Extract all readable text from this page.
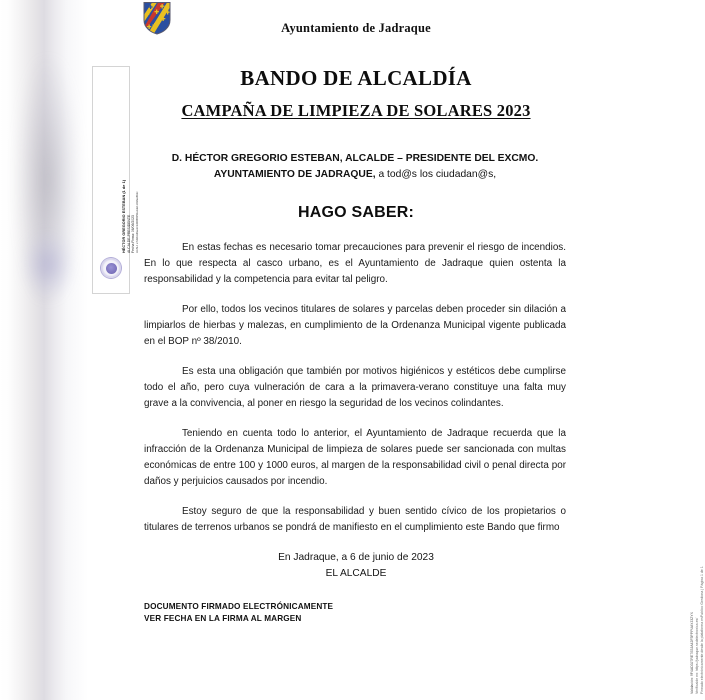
HÉCTOR GREGORIO ESTEBAN (1 de 1) ALCALDE-PRESIDENTE Fecha Firma: 06/06/2023 HASH: e7d3b1d0ae2c3d086f4f5ba1de1103fae6b3c
Validación: 9F4AD3J7RE7S5JA42F5PPPUAYJ3ZYX Verificable en: https://jadraque.sedelectronica.es/ Firmado electrónicamente desde la plataforma esPublico Gestiona | Página 1 de 1
Ayuntamiento de Jadraque
BANDO DE ALCALDÍA
CAMPAÑA DE LIMPIEZA DE SOLARES 2023
D. HÉCTOR GREGORIO ESTEBAN, ALCALDE – PRESIDENTE DEL EXCMO.
AYUNTAMIENTO DE JADRAQUE, a tod@s los ciudadan@s,
HAGO SABER:

En estas fechas es necesario tomar precauciones para prevenir el riesgo de incendios. En lo que respecta al casco urbano, es el Ayuntamiento de Jadraque quien ostenta la responsabilidad y la competencia para evitar tal peligro.

Por ello, todos los vecinos titulares de solares y parcelas deben proceder sin dilación a limpiarlos de hierbas y malezas, en cumplimiento de la Ordenanza Municipal vigente publicada en el BOP nº 38/2010.

Es esta una obligación que también por motivos higiénicos y estéticos debe cumplirse todo el año, pero cuya vulneración de cara a la primavera-verano constituye una falta muy grave a la convivencia, al poner en riesgo la seguridad de los vecinos colindantes.

Teniendo en cuenta todo lo anterior, el Ayuntamiento de Jadraque recuerda que la infracción de la Ordenanza Municipal de limpieza de solares puede ser sancionada con multas económicas de entre 100 y 1000 euros, al margen de la responsabilidad civil o penal directa por daños y perjuicios causados por incendio.

Estoy seguro de que la responsabilidad y buen sentido cívico de los propietarios o titulares de terrenos urbanos se pondrá de manifiesto en el cumplimiento este Bando que firmo

En Jadraque, a 6 de junio de 2023
EL ALCALDE
DOCUMENTO FIRMADO ELECTRÓNICAMENTE
VER FECHA EN LA FIRMA AL MARGEN
